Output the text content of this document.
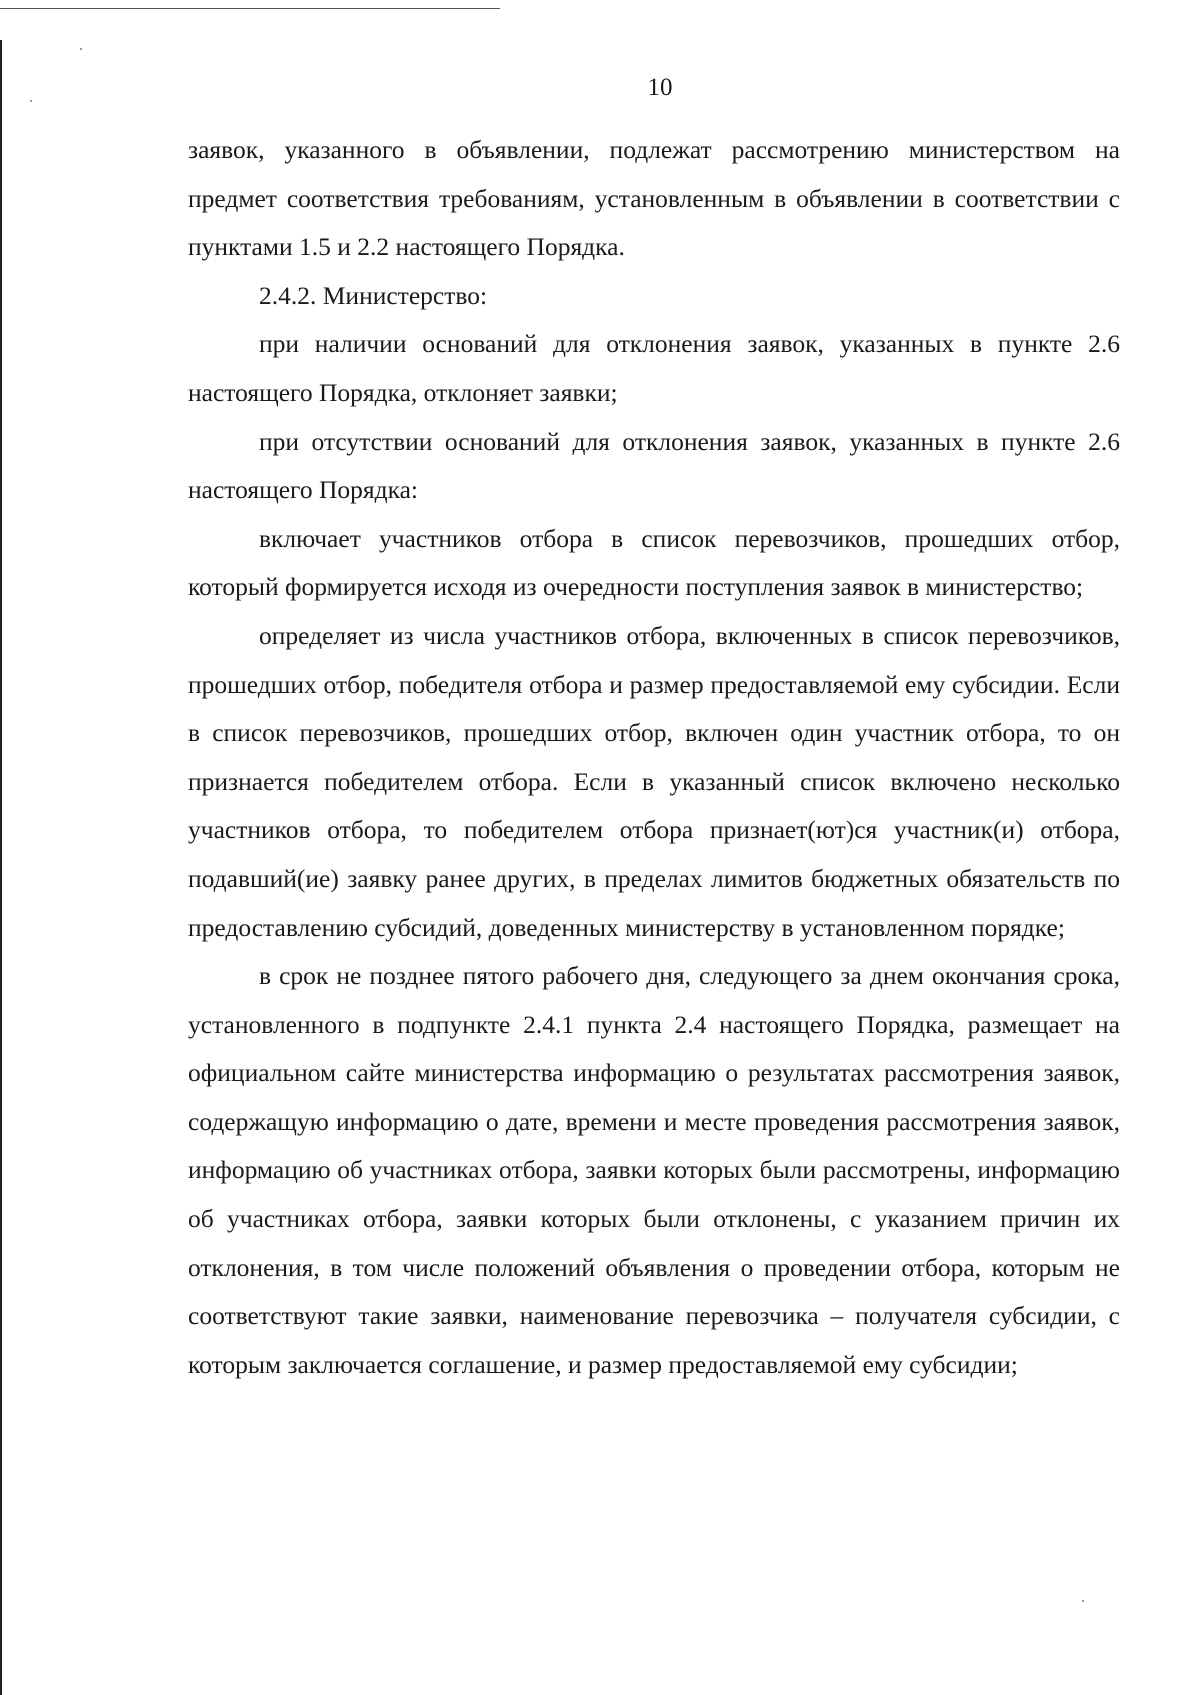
10

заявок, указанного в объявлении, подлежат рассмотрению министерством на предмет соответствия требованиям, установленным в объявлении в соответствии с пунктами 1.5 и 2.2 настоящего Порядка.

2.4.2. Министерство:

при наличии оснований для отклонения заявок, указанных в пункте 2.6 настоящего Порядка, отклоняет заявки;

при отсутствии оснований для отклонения заявок, указанных в пункте 2.6 настоящего Порядка:

включает участников отбора в список перевозчиков, прошедших отбор, который формируется исходя из очередности поступления заявок в министерство;

определяет из числа участников отбора, включенных в список перевозчиков, прошедших отбор, победителя отбора и размер предоставляемой ему субсидии. Если в список перевозчиков, прошедших отбор, включен один участник отбора, то он признается победителем отбора. Если в указанный список включено несколько участников отбора, то победителем отбора признает(ют)ся участник(и) отбора, подавший(ие) заявку ранее других, в пределах лимитов бюджетных обязательств по предоставлению субсидий, доведенных министерству в установленном порядке;

в срок не позднее пятого рабочего дня, следующего за днем окончания срока, установленного в подпункте 2.4.1 пункта 2.4 настоящего Порядка, размещает на официальном сайте министерства информацию о результатах рассмотрения заявок, содержащую информацию о дате, времени и месте проведения рассмотрения заявок, информацию об участниках отбора, заявки которых были рассмотрены, информацию об участниках отбора, заявки которых были отклонены, с указанием причин их отклонения, в том числе положений объявления о проведении отбора, которым не соответствуют такие заявки, наименование перевозчика – получателя субсидии, с которым заключается соглашение, и размер предоставляемой ему субсидии;
